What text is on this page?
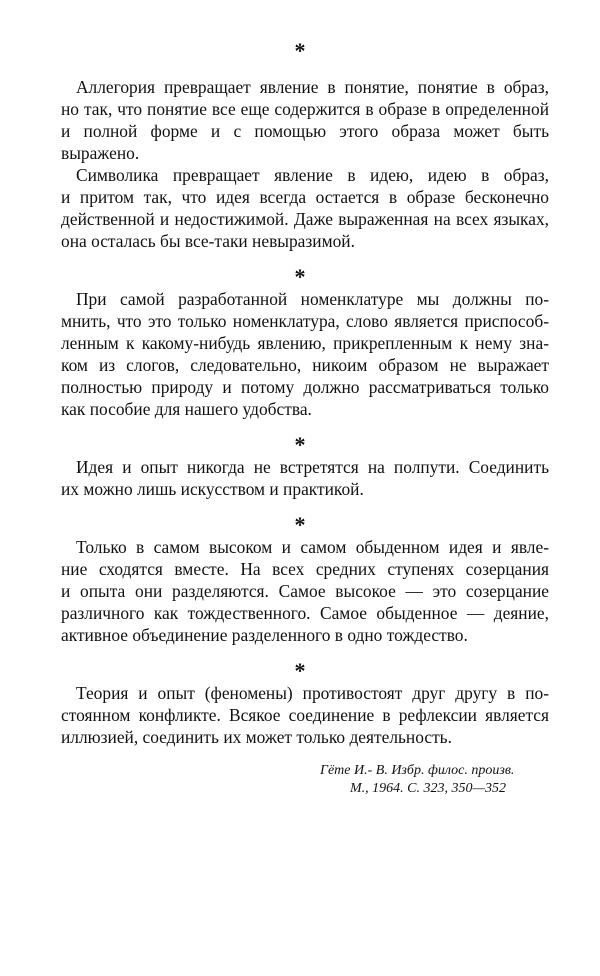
*
Аллегория превращает явление в понятие, понятие в образ,
но так, что понятие все еще содержится в образе в определенной
и полной форме и с помощью этого образа может быть
выражено.
Символика превращает явление в идею, идею в образ,
и притом так, что идея всегда остается в образе бесконечно
действенной и недостижимой. Даже выраженная на всех языках,
она осталась бы все-таки невыразимой.
*
При самой разработанной номенклатуре мы должны по-
мнить, что это только номенклатура, слово является приспособ-
ленным к какому-нибудь явлению, прикрепленным к нему зна-
ком из слогов, следовательно, никоим образом не выражает
полностью природу и потому должно рассматриваться только
как пособие для нашего удобства.
*
Идея и опыт никогда не встретятся на полпути. Соединить
их можно лишь искусством и практикой.
*
Только в самом высоком и самом обыденном идея и явле-
ние сходятся вместе. На всех средних ступенях созерцания
и опыта они разделяются. Самое высокое — это созерцание
различного как тождественного. Самое обыденное — деяние,
активное объединение разделенного в одно тождество.
*
Теория и опыт (феномены) противостоят друг другу в по-
стоянном конфликте. Всякое соединение в рефлексии является
иллюзией, соединить их может только деятельность.
Гёте И.- В. Избр. филос. произв.
М., 1964. С. 323, 350—352
